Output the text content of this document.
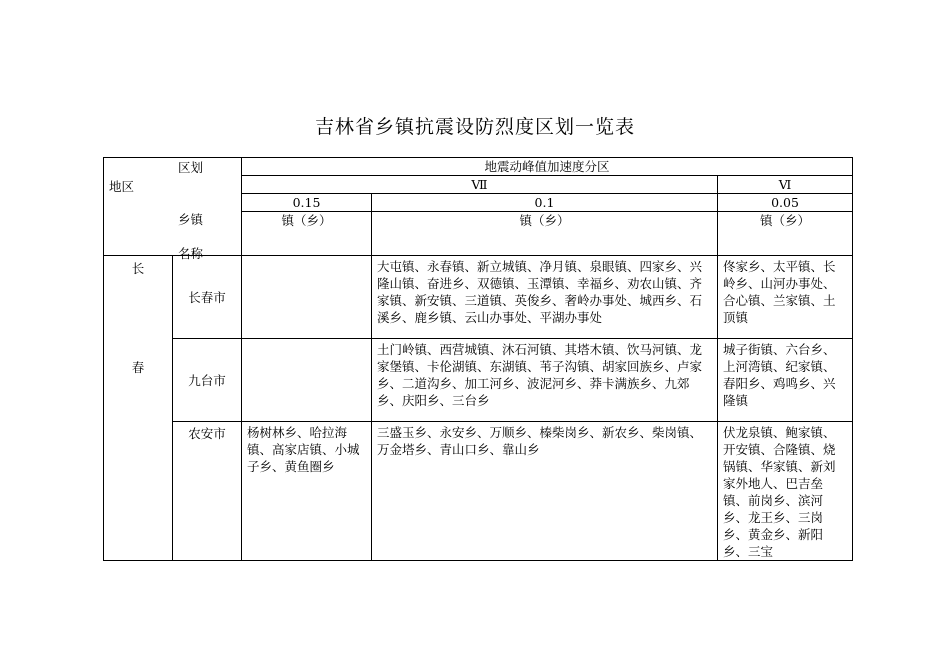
吉林省乡镇抗震设防烈度区划一览表
区划
地区
乡镇
名称		地震动峰值加速度分区		
		Ⅶ		Ⅵ
		0.15	0.1	0.05
		镇（乡）	镇（乡）	镇（乡）

长
春	长春市		大屯镇、永春镇、新立城镇、净月镇、泉眼镇、四家乡、兴隆山镇、奋进乡、双德镇、玉潭镇、幸福乡、劝农山镇、齐家镇、新安镇、三道镇、英俊乡、奢岭办事处、城西乡、石溪乡、鹿乡镇、云山办事处、平湖办事处	佟家乡、太平镇、长岭乡、山河办事处、合心镇、兰家镇、土顶镇
	九台市		土门岭镇、西营城镇、沐石河镇、其塔木镇、饮马河镇、龙家堡镇、卡伦湖镇、东湖镇、苇子沟镇、胡家回族乡、卢家乡、二道沟乡、加工河乡、波泥河乡、莽卡满族乡、九郊乡、庆阳乡、三台乡	城子街镇、六台乡、上河湾镇、纪家镇、春阳乡、鸡鸣乡、兴隆镇
	农安市	杨树林乡、哈拉海镇、高家店镇、小城子乡、黄鱼圈乡	三盛玉乡、永安乡、万顺乡、榛柴岗乡、新农乡、柴岗镇、万金塔乡、青山口乡、靠山乡	伏龙泉镇、鲍家镇、开安镇、合隆镇、烧锅镇、华家镇、新刘家外地人、巴吉垒镇、前岗乡、滨河乡、龙王乡、三岗乡、黄金乡、新阳乡、三宝
